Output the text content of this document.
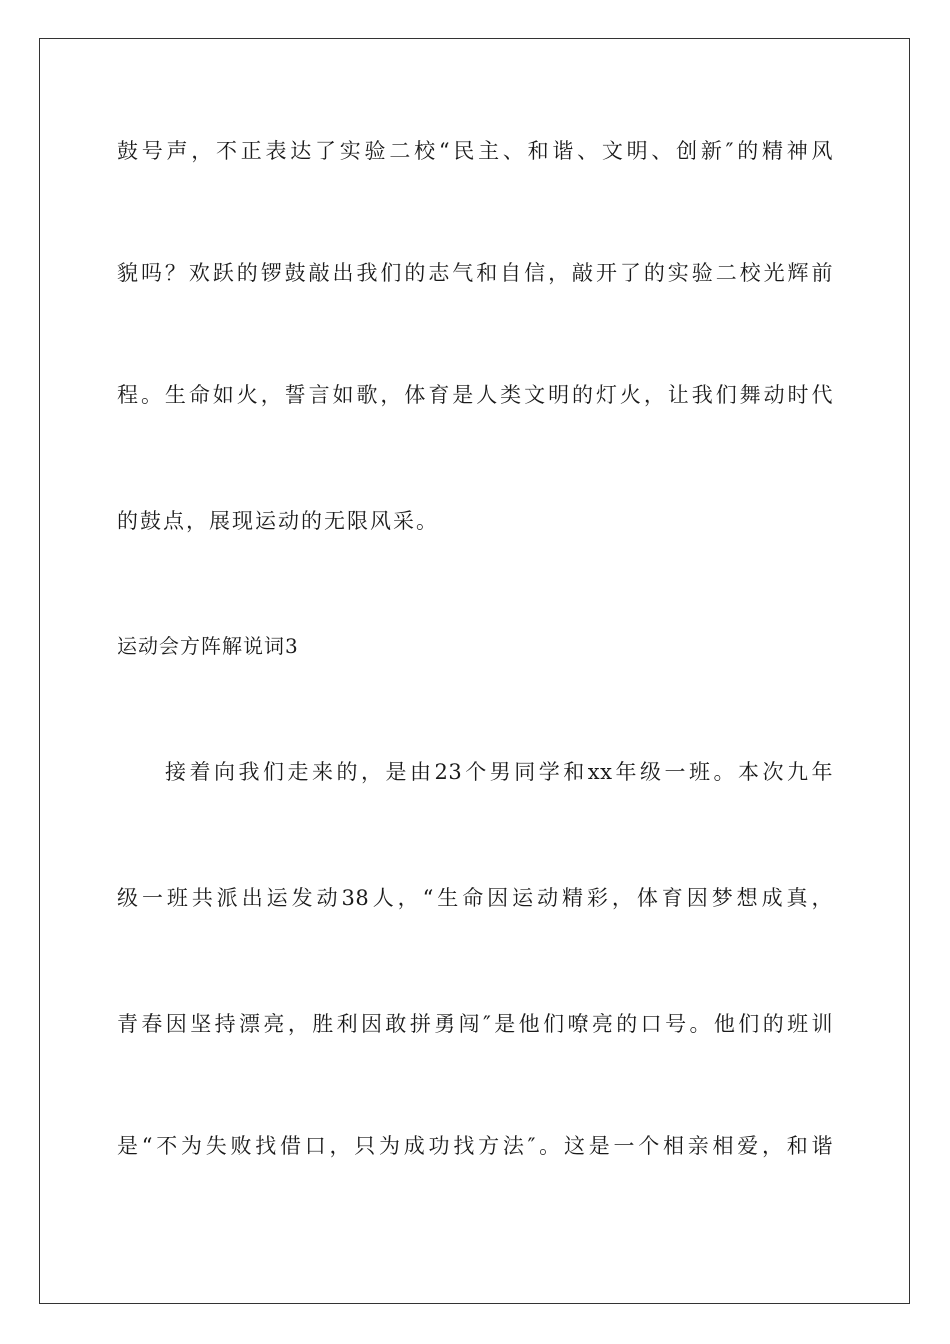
鼓号声，不正表达了实验二校“民主、和谐、文明、创新″的精神风
貌吗？欢跃的锣鼓敲出我们的志气和自信，敲开了的实验二校光辉前
程。生命如火，誓言如歌，体育是人类文明的灯火，让我们舞动时代
的鼓点，展现运动的无限风采。
运动会方阵解说词3
接着向我们走来的，是由23个男同学和xx年级一班。本次九年
级一班共派出运发动38人，“生命因运动精彩，体育因梦想成真，
青春因坚持漂亮，胜利因敢拼勇闯″是他们嘹亮的口号。他们的班训
是“不为失败找借口，只为成功找方法″。这是一个相亲相爱，和谐
